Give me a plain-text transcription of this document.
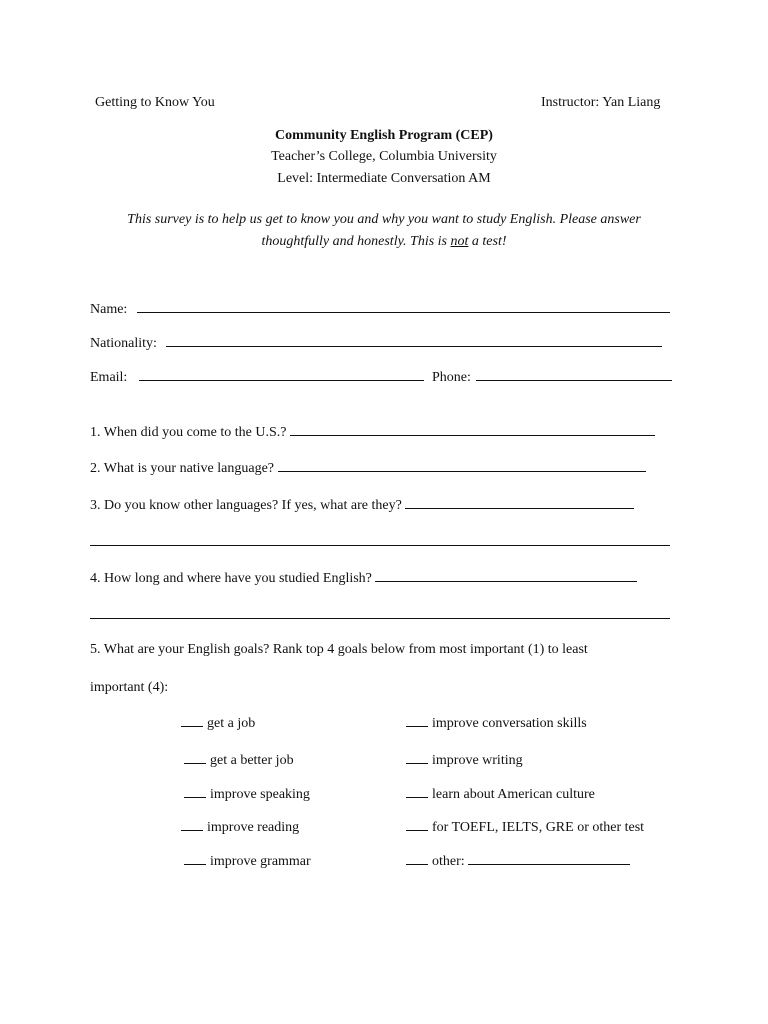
Getting to Know You	Instructor: Yan Liang
Community English Program (CEP)
Teacher’s College, Columbia University
Level: Intermediate Conversation AM
This survey is to help us get to know you and why you want to study English. Please answer
thoughtfully and honestly. This is not a test!
Name:
Nationality:
Email:	Phone:
1. When did you come to the U.S.?
2. What is your native language?
3. Do you know other languages? If yes, what are they?
4. How long and where have you studied English?
5. What are your English goals? Rank top 4 goals below from most important (1) to least
important (4):
get a job
get a better job
improve speaking
improve reading
improve grammar
improve conversation skills
improve writing
learn about American culture
for TOEFL, IELTS, GRE or other test
other:
